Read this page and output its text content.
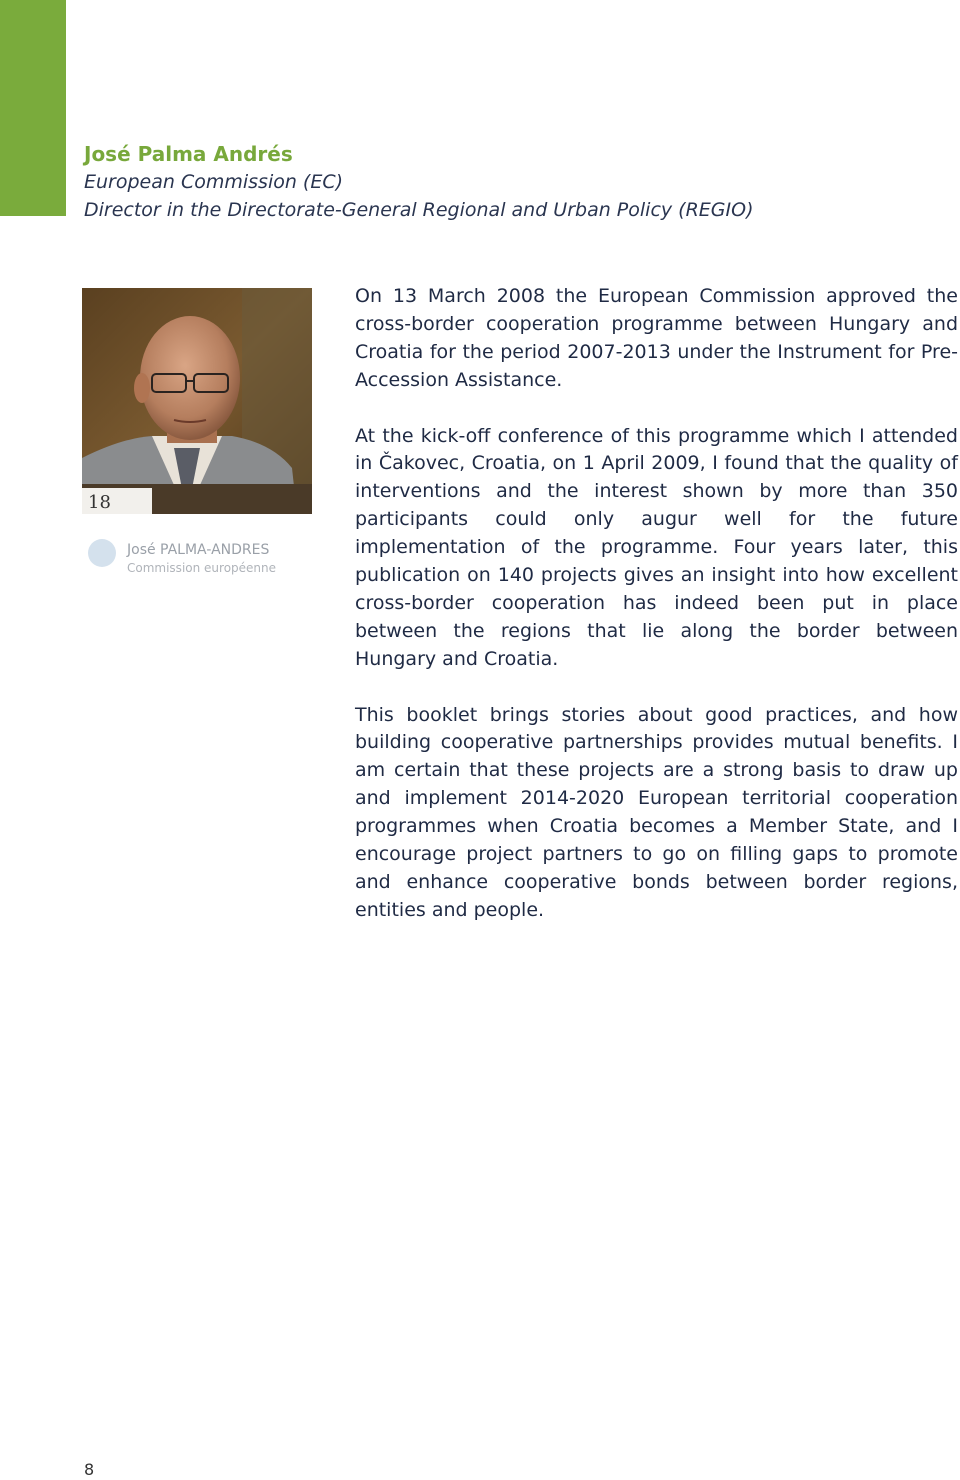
José Palma Andrés

European Commission (EC)

Director in the Directorate-General Regional and Urban Policy (REGIO)

18
José PALMA-ANDRES
Commission européenne

On 13 March 2008 the European Commission approved the cross-border cooperation programme between Hungary and Croatia for the period 2007-2013 under the Instrument for Pre-Accession Assistance.

At the kick-off conference of this programme which I attended in Čakovec, Croatia, on 1 April 2009, I found that the quality of interventions and the interest shown by more than 350 participants could only augur well for the future implementation of the programme. Four years later, this publication on 140 projects gives an insight into how excellent cross-border cooperation has indeed been put in place between the regions that lie along the border between Hungary and Croatia.

This booklet brings stories about good practices, and how building cooperative partnerships provides mutual benefits. I am certain that these projects are a strong basis to draw up and implement 2014-2020 European territorial cooperation programmes when Croatia becomes a Member State, and I encourage project partners to go on filling gaps to promote and enhance cooperative bonds between border regions, entities and people.

8
